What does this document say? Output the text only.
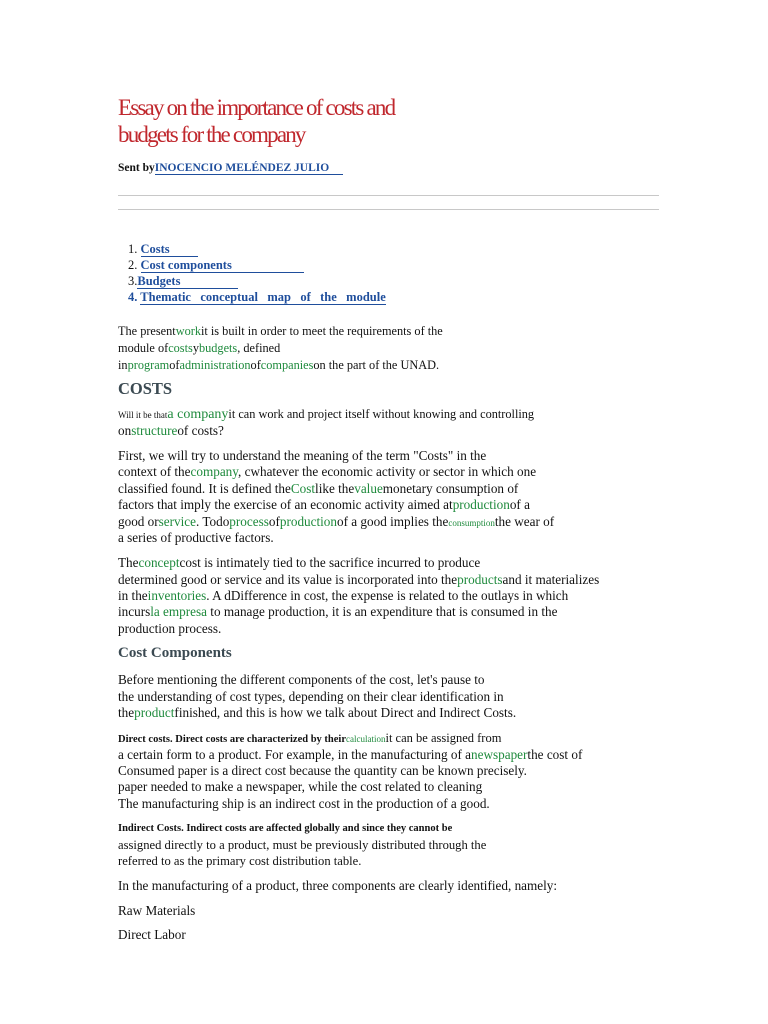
Essay on the importance of costs and
budgets for the company
Sent byINOCENCIO MELÉNDEZ JULIO
1. Costs
2. Cost components
3.Budgets
4. Thematic   conceptual   map   of   the   module
The presentworkit is built in order to meet the requirements of the
module ofcostsybudgets, defined
inprogramofadministrationofcompanieson the part of the UNAD.
COSTS
Will it be thata companyit can work and project itself without knowing and controlling
onstructureof costs?
First, we will try to understand the meaning of the term "Costs" in the
context of thecompany, cwhatever the economic activity or sector in which one
classified found. It is defined theCostlike thevaluemonetary consumption of
factors that imply the exercise of an economic activity aimed atproductionof a
good orservice. Todoprocessofproductionof a good implies theconsumptionthe wear of
a series of productive factors.
Theconceptcost is intimately tied to the sacrifice incurred to produce
determined good or service and its value is incorporated into theproductsand it materializes
in theinventories. A dDifference in cost, the expense is related to the outlays in which
incursla empresa to manage production, it is an expenditure that is consumed in the
production process.
Cost Components
Before mentioning the different components of the cost, let's pause to
the understanding of cost types, depending on their clear identification in
theproductfinished, and this is how we talk about Direct and Indirect Costs.
Direct costs. Direct costs are characterized by theircalculationit can be assigned from
a certain form to a product. For example, in the manufacturing of anewspaperthe cost of
Consumed paper is a direct cost because the quantity can be known precisely.
paper needed to make a newspaper, while the cost related to cleaning
The manufacturing ship is an indirect cost in the production of a good.
Indirect Costs. Indirect costs are affected globally and since they cannot be
assigned directly to a product, must be previously distributed through the
referred to as the primary cost distribution table.
In the manufacturing of a product, three components are clearly identified, namely:
Raw Materials
Direct Labor
